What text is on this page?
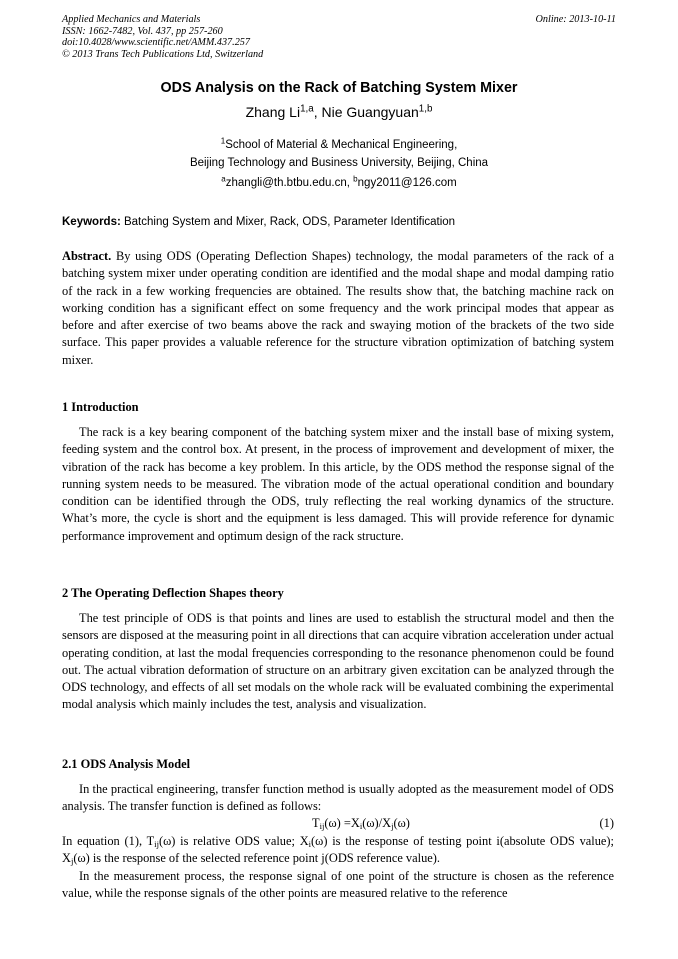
Applied Mechanics and Materials
ISSN: 1662-7482, Vol. 437, pp 257-260
doi:10.4028/www.scientific.net/AMM.437.257
© 2013 Trans Tech Publications Ltd, Switzerland
Online: 2013-10-11
ODS Analysis on the Rack of Batching System Mixer
Zhang Li$^{1,a}$, Nie Guangyuan$^{1,b}$
$^1$School of Material & Mechanical Engineering,
Beijing Technology and Business University, Beijing, China
$^a$zhangli@th.btbu.edu.cn, $^b$ngy2011@126.com
Keywords: Batching System and Mixer, Rack, ODS, Parameter Identification
Abstract. By using ODS (Operating Deflection Shapes) technology, the modal parameters of the rack of a batching system mixer under operating condition are identified and the modal shape and modal damping ratio of the rack in a few working frequencies are obtained. The results show that, the batching machine rack on working condition has a significant effect on some frequency and the work principal modes that appear as before and after exercise of two beams above the rack and swaying motion of the brackets of the two side surface. This paper provides a valuable reference for the structure vibration optimization of batching system mixer.
1 Introduction
The rack is a key bearing component of the batching system mixer and the install base of mixing system, feeding system and the control box. At present, in the process of improvement and development of mixer, the vibration of the rack has become a key problem. In this article, by the ODS method the response signal of the running system needs to be measured. The vibration mode of the actual operational condition and boundary condition can be identified through the ODS, truly reflecting the real working dynamics of the structure. What’s more, the cycle is short and the equipment is less damaged. This will provide reference for dynamic performance improvement and optimum design of the rack structure.
2 The Operating Deflection Shapes theory
The test principle of ODS is that points and lines are used to establish the structural model and then the sensors are disposed at the measuring point in all directions that can acquire vibration acceleration under actual operating condition, at last the modal frequencies corresponding to the resonance phenomenon could be found out. The actual vibration deformation of structure on an arbitrary given excitation can be analyzed through the ODS technology, and effects of all set modals on the whole rack will be evaluated combining the experimental modal analysis which mainly includes the test, analysis and visualization.
2.1 ODS Analysis Model
In the practical engineering, transfer function method is usually adopted as the measurement model of ODS analysis. The transfer function is defined as follows:
$T_{ij}(\omega) =X_i(\omega)/X_j(\omega)$	(1)
In equation (1), $T_{ij}(\omega)$ is relative ODS value; $X_i(\omega)$ is the response of testing point i(absolute ODS value); $X_j(\omega)$ is the response of the selected reference point j(ODS reference value).
In the measurement process, the response signal of one point of the structure is chosen as the reference value, while the response signals of the other points are measured relative to the reference
